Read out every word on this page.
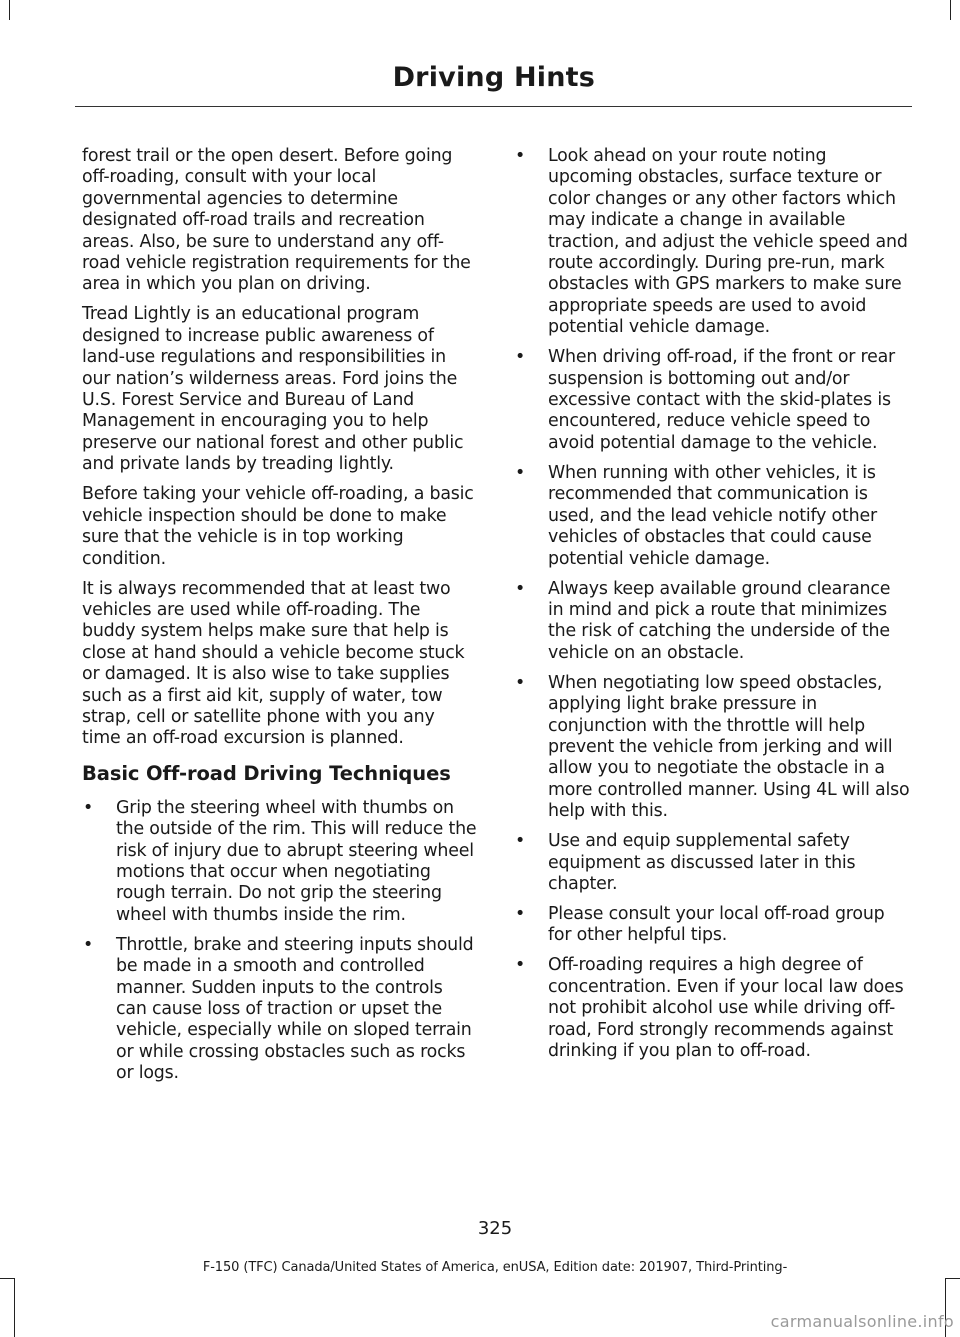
Driving Hints

forest trail or the open desert. Before going off-roading, consult with your local governmental agencies to determine designated off-road trails and recreation areas. Also, be sure to understand any off-road vehicle registration requirements for the area in which you plan on driving.

Tread Lightly is an educational program designed to increase public awareness of land-use regulations and responsibilities in our nation’s wilderness areas. Ford joins the U.S. Forest Service and Bureau of Land Management in encouraging you to help preserve our national forest and other public and private lands by treading lightly.

Before taking your vehicle off-roading, a basic vehicle inspection should be done to make sure that the vehicle is in top working condition.

It is always recommended that at least two vehicles are used while off-roading. The buddy system helps make sure that help is close at hand should a vehicle become stuck or damaged. It is also wise to take supplies such as a first aid kit, supply of water, tow strap, cell or satellite phone with you any time an off-road excursion is planned.

Basic Off-road Driving Techniques
• Grip the steering wheel with thumbs on the outside of the rim. This will reduce the risk of injury due to abrupt steering wheel motions that occur when negotiating rough terrain. Do not grip the steering wheel with thumbs inside the rim.
• Throttle, brake and steering inputs should be made in a smooth and controlled manner. Sudden inputs to the controls can cause loss of traction or upset the vehicle, especially while on sloped terrain or while crossing obstacles such as rocks or logs.
• Look ahead on your route noting upcoming obstacles, surface texture or color changes or any other factors which may indicate a change in available traction, and adjust the vehicle speed and route accordingly. During pre-run, mark obstacles with GPS markers to make sure appropriate speeds are used to avoid potential vehicle damage.
• When driving off-road, if the front or rear suspension is bottoming out and/or excessive contact with the skid-plates is encountered, reduce vehicle speed to avoid potential damage to the vehicle.
• When running with other vehicles, it is recommended that communication is used, and the lead vehicle notify other vehicles of obstacles that could cause potential vehicle damage.
• Always keep available ground clearance in mind and pick a route that minimizes the risk of catching the underside of the vehicle on an obstacle.
• When negotiating low speed obstacles, applying light brake pressure in conjunction with the throttle will help prevent the vehicle from jerking and will allow you to negotiate the obstacle in a more controlled manner. Using 4L will also help with this.
• Use and equip supplemental safety equipment as discussed later in this chapter.
• Please consult your local off-road group for other helpful tips.
• Off-roading requires a high degree of concentration. Even if your local law does not prohibit alcohol use while driving off-road, Ford strongly recommends against drinking if you plan to off-road.
325
F-150 (TFC) Canada/United States of America, enUSA, Edition date: 201907, Third-Printing-
carmanualsonline.info
